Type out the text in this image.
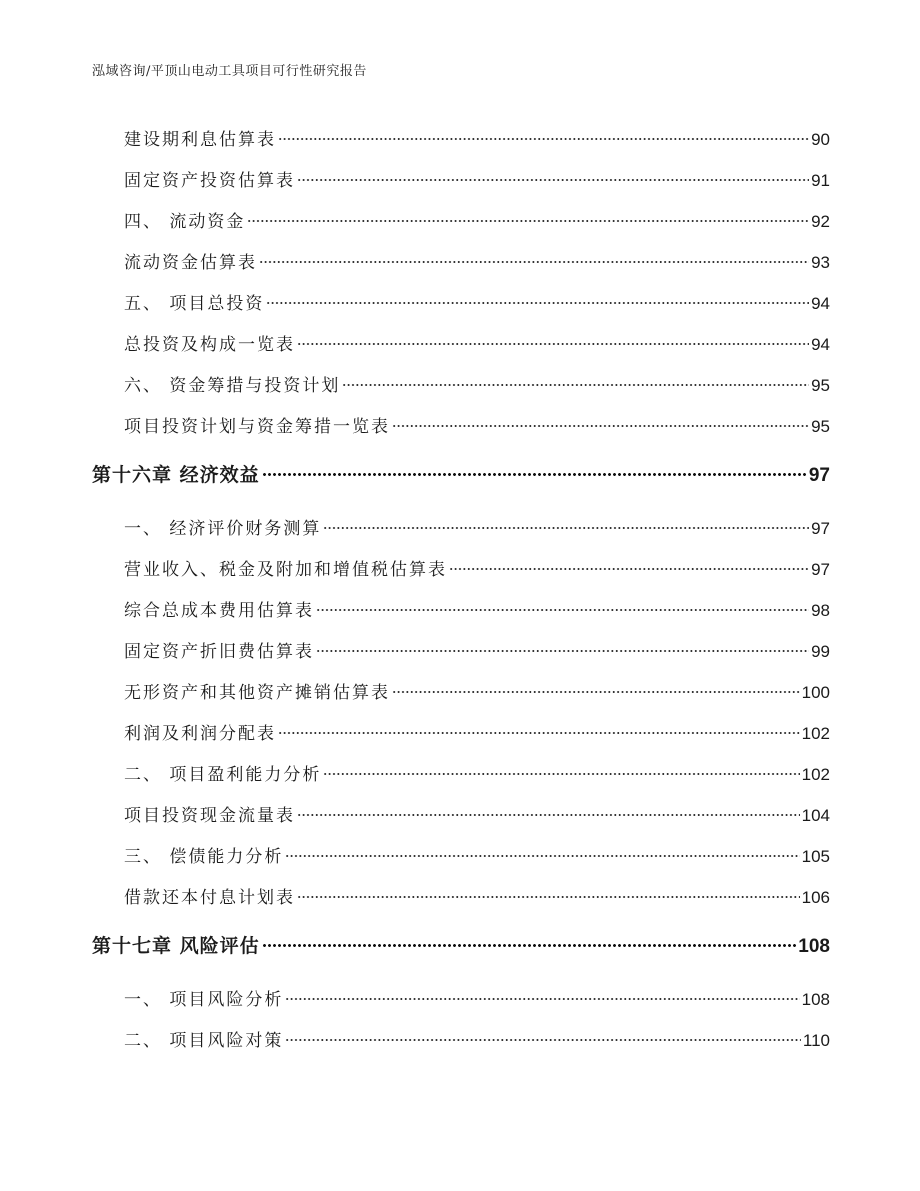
泓域咨询/平顶山电动工具项目可行性研究报告
建设期利息估算表	90
固定资产投资估算表	91
四、 流动资金	92
流动资金估算表	93
五、 项目总投资	94
总投资及构成一览表	94
六、 资金筹措与投资计划	95
项目投资计划与资金筹措一览表	95
第十六章 经济效益	97
一、 经济评价财务测算	97
营业收入、税金及附加和增值税估算表	97
综合总成本费用估算表	98
固定资产折旧费估算表	99
无形资产和其他资产摊销估算表	100
利润及利润分配表	102
二、 项目盈利能力分析	102
项目投资现金流量表	104
三、 偿债能力分析	105
借款还本付息计划表	106
第十七章 风险评估	108
一、 项目风险分析	108
二、 项目风险对策	110
